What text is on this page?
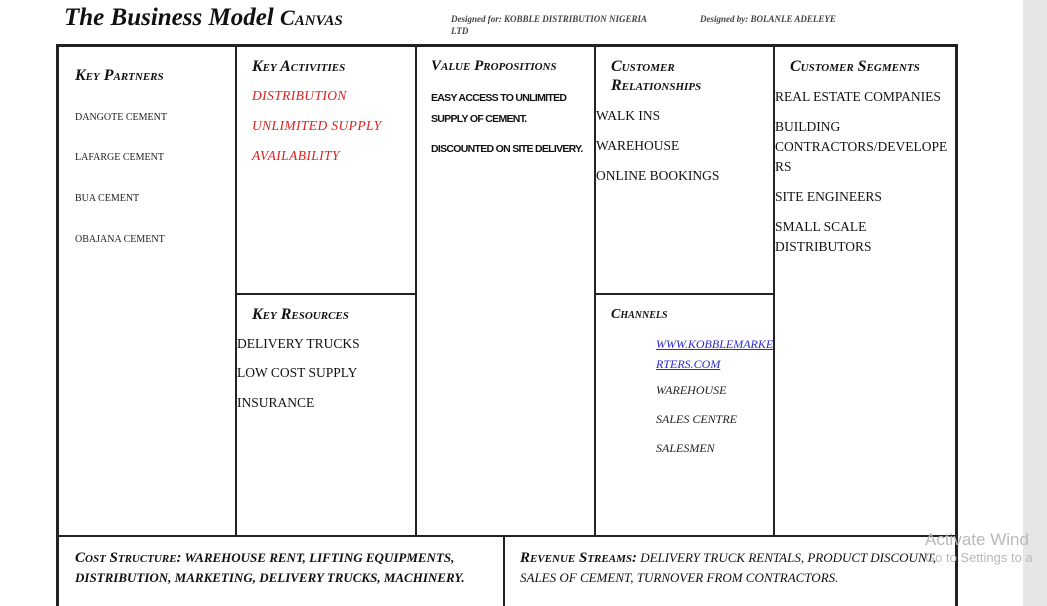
The Business Model Canvas	Designed for: KOBBLE DISTRIBUTION NIGERIA LTD
Designed by: BOLANLE ADELEYE
Key Partners
DANGOTE CEMENT
LAFARGE CEMENT
BUA CEMENT
OBAJANA CEMENT
Key Activities
DISTRIBUTION
UNLIMITED SUPPLY
AVAILABILITY
Key Resources
DELIVERY TRUCKS
LOW COST SUPPLY
INSURANCE
Value Propositions
EASY ACCESS TO UNLIMITED
SUPPLY OF CEMENT.
DISCOUNTED ON SITE DELIVERY.
Customer
Relationships
WALK INS
WAREHOUSE
ONLINE BOOKINGS
Channels
WWW.KOBBLEMARKERTERS.COM
WAREHOUSE
SALES CENTRE
SALESMEN
Customer Segments
REAL ESTATE COMPANIES
BUILDING
CONTRACTORS/DEVELOPE
RS
SITE ENGINEERS
SMALL SCALE
DISTRIBUTORS
Cost Structure: WAREHOUSE RENT, LIFTING EQUIPMENTS,
DISTRIBUTION, MARKETING, DELIVERY TRUCKS, MACHINERY.
Revenue Streams: DELIVERY TRUCK RENTALS, PRODUCT DISCOUNT,
SALES OF CEMENT, TURNOVER FROM CONTRACTORS.
Activate Wind
Go to Settings to a
